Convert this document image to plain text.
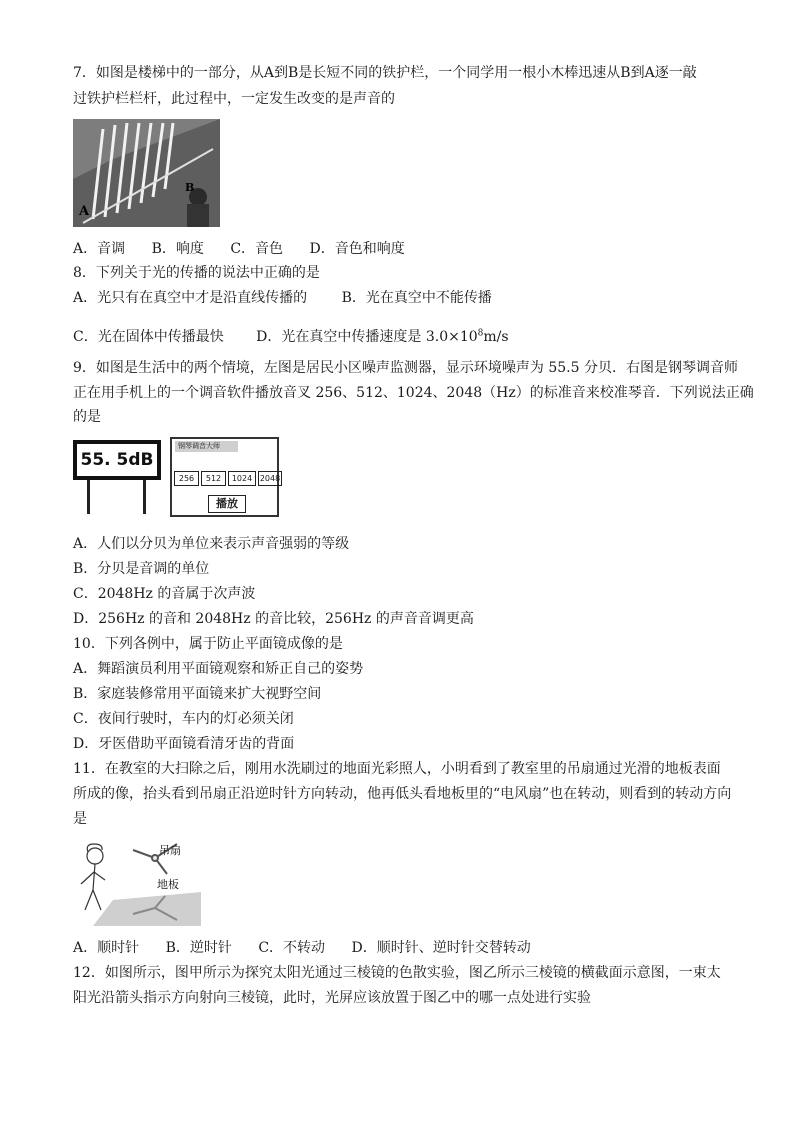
7．如图是楼梯中的一部分，从A到B是长短不同的铁护栏，一个同学用一根小木棒迅速从B到A逐一敲
过铁护栏栏杆，此过程中，一定发生改变的是声音的
A
B
A．音调 B．响度 C．音色 D．音色和响度
8．下列关于光的传播的说法中正确的是
A．光只有在真空中才是沿直线传播的 B．光在真空中不能传播
C．光在固体中传播最快 D．光在真空中传播速度是 $3.0\times 10^8m/s$
9．如图是生活中的两个情境，左图是居民小区噪声监测器，显示环境噪声为 55.5 分贝．右图是钢琴调音师
正在用手机上的一个调音软件播放音叉 256、512、1024、2048（Hz）的标准音来校准琴音．下列说法正确
的是
55. 5dB
钢琴调音大师
256	512	1024 2048
播放
A．人们以分贝为单位来表示声音强弱的等级
B．分贝是音调的单位
C．2048Hz 的音属于次声波
D．256Hz 的音和 2048Hz 的音比较，256Hz 的声音音调更高
10．下列各例中，属于防止平面镜成像的是
A．舞蹈演员利用平面镜观察和矫正自己的姿势
B．家庭装修常用平面镜来扩大视野空间
C．夜间行驶时，车内的灯必须关闭
D．牙医借助平面镜看清牙齿的背面
11．在教室的大扫除之后，刚用水洗刷过的地面光彩照人，小明看到了教室里的吊扇通过光滑的地板表面
所成的像，抬头看到吊扇正沿逆时针方向转动，他再低头看地板里的“电风扇”也在转动，则看到的转动方向
是
吊扇
地板
A．顺时针 B．逆时针 C．不转动 D．顺时针、逆时针交替转动
12．如图所示，图甲所示为探究太阳光通过三棱镜的色散实验，图乙所示三棱镜的横截面示意图，一束太
阳光沿箭头指示方向射向三棱镜，此时，光屏应该放置于图乙中的哪一点处进行实验
